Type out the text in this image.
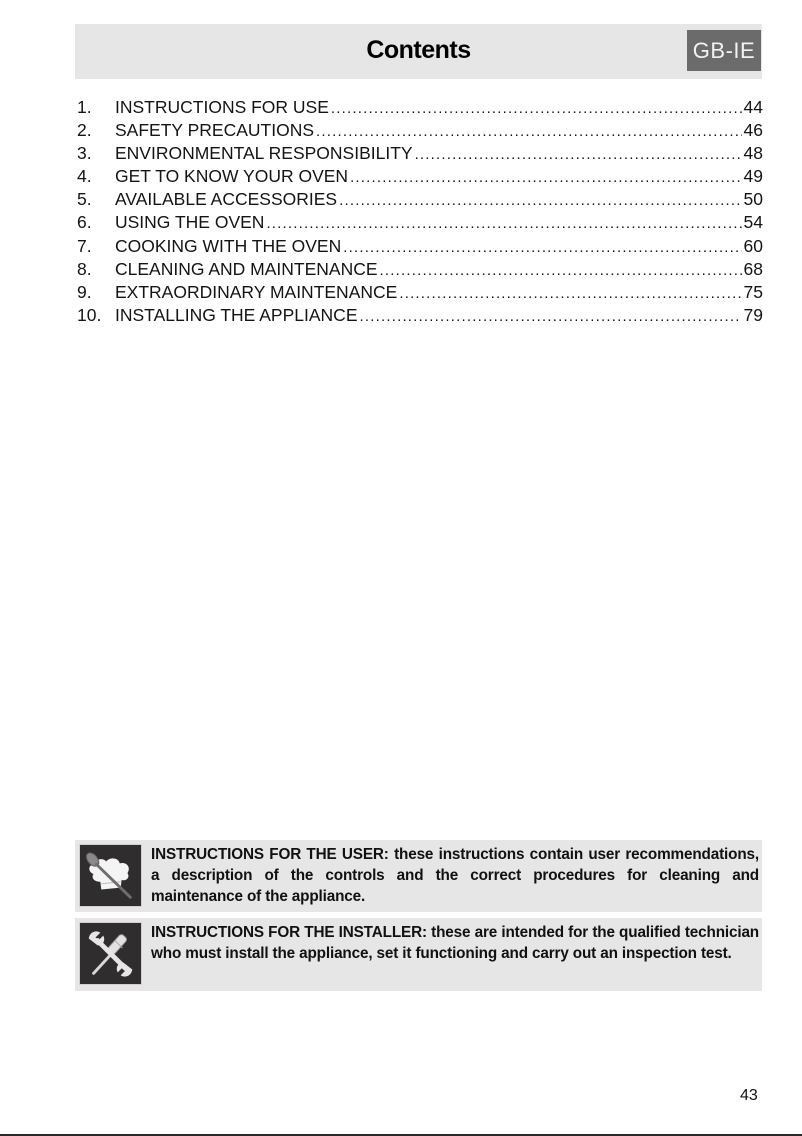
Contents	GB-IE
1.	INSTRUCTIONS FOR USE .....	44
2.	SAFETY PRECAUTIONS .....	46
3.	ENVIRONMENTAL RESPONSIBILITY .....	48
4.	GET TO KNOW YOUR OVEN .....	49
5.	AVAILABLE ACCESSORIES .....	50
6.	USING THE OVEN .....	54
7.	COOKING WITH THE OVEN .....	60
8.	CLEANING AND MAINTENANCE .....	68
9.	EXTRAORDINARY MAINTENANCE .....	75
10. INSTALLING THE APPLIANCE .....	79
INSTRUCTIONS FOR THE USER: these instructions contain user recommendations, a description of the controls and the correct procedures for cleaning and maintenance of the appliance.
INSTRUCTIONS FOR THE INSTALLER: these are intended for the qualified technician who must install the appliance, set it functioning and carry out an inspection test.
43
